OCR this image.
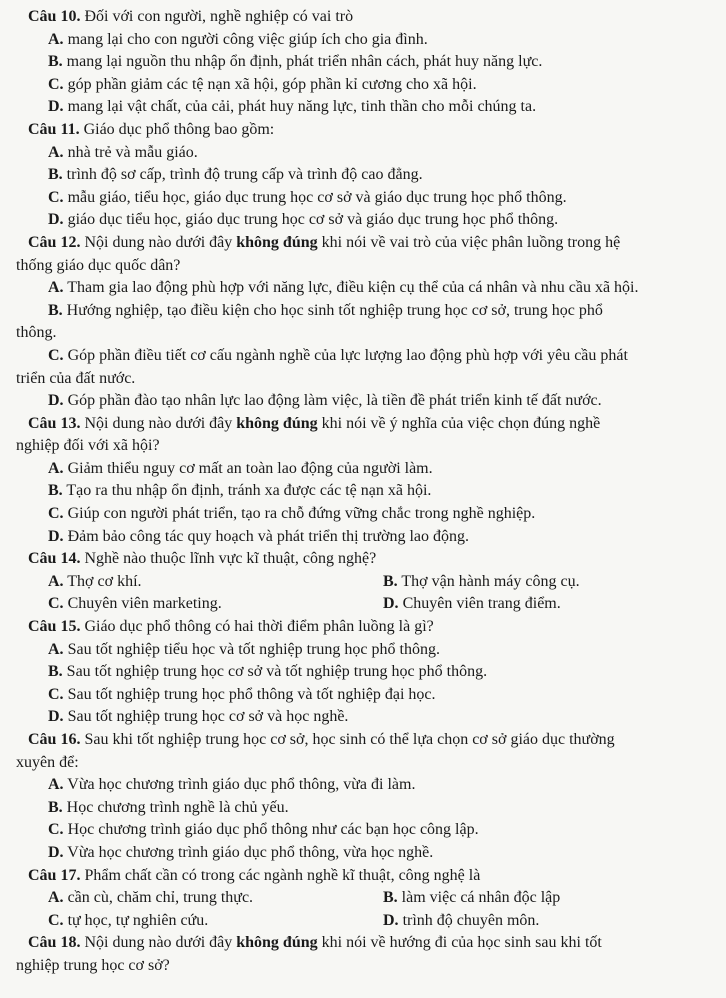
Câu 10. Đối với con người, nghề nghiệp có vai trò

A. mang lại cho con người công việc giúp ích cho gia đình.

B. mang lại nguồn thu nhập ổn định, phát triển nhân cách, phát huy năng lực.

C. góp phần giảm các tệ nạn xã hội, góp phần kỉ cương cho xã hội.

D. mang lại vật chất, của cải, phát huy năng lực, tinh thần cho mỗi chúng ta.

Câu 11. Giáo dục phổ thông bao gồm:

A. nhà trẻ và mẫu giáo.

B. trình độ sơ cấp, trình độ trung cấp và trình độ cao đẳng.

C. mẫu giáo, tiểu học, giáo dục trung học cơ sở và giáo dục trung học phổ thông.

D. giáo dục tiểu học, giáo dục trung học cơ sở và giáo dục trung học phổ thông.

Câu 12. Nội dung nào dưới đây không đúng khi nói về vai trò của việc phân luồng trong hệ

thống giáo dục quốc dân?

A. Tham gia lao động phù hợp với năng lực, điều kiện cụ thể của cá nhân và nhu cầu xã hội.

B. Hướng nghiệp, tạo điều kiện cho học sinh tốt nghiệp trung học cơ sở, trung học phổ

thông.

C. Góp phần điều tiết cơ cấu ngành nghề của lực lượng lao động phù hợp với yêu cầu phát

triển của đất nước.

D. Góp phần đào tạo nhân lực lao động làm việc, là tiền đề phát triển kinh tế đất nước.

Câu 13. Nội dung nào dưới đây không đúng khi nói về ý nghĩa của việc chọn đúng nghề

nghiệp đối với xã hội?

A. Giảm thiểu nguy cơ mất an toàn lao động của người làm.

B. Tạo ra thu nhập ổn định, tránh xa được các tệ nạn xã hội.

C. Giúp con người phát triển, tạo ra chỗ đứng vững chắc trong nghề nghiệp.

D. Đảm bảo công tác quy hoạch và phát triển thị trường lao động.

Câu 14. Nghề nào thuộc lĩnh vực kĩ thuật, công nghệ?

A. Thợ cơ khí.	B. Thợ vận hành máy công cụ.
C. Chuyên viên marketing.	D. Chuyên viên trang điểm.

Câu 15. Giáo dục phổ thông có hai thời điểm phân luồng là gì?

A. Sau tốt nghiệp tiểu học và tốt nghiệp trung học phổ thông.

B. Sau tốt nghiệp trung học cơ sở và tốt nghiệp trung học phổ thông.

C. Sau tốt nghiệp trung học phổ thông và tốt nghiệp đại học.

D. Sau tốt nghiệp trung học cơ sở và học nghề.

Câu 16. Sau khi tốt nghiệp trung học cơ sở, học sinh có thể lựa chọn cơ sở giáo dục thường

xuyên để:

A. Vừa học chương trình giáo dục phổ thông, vừa đi làm.

B. Học chương trình nghề là chủ yếu.

C. Học chương trình giáo dục phổ thông như các bạn học công lập.

D. Vừa học chương trình giáo dục phổ thông, vừa học nghề.

Câu 17. Phẩm chất cần có trong các ngành nghề kĩ thuật, công nghệ là

A. cần cù, chăm chỉ, trung thực.	B. làm việc cá nhân độc lập
C. tự học, tự nghiên cứu.	D. trình độ chuyên môn.

Câu 18. Nội dung nào dưới đây không đúng khi nói về hướng đi của học sinh sau khi tốt

nghiệp trung học cơ sở?
